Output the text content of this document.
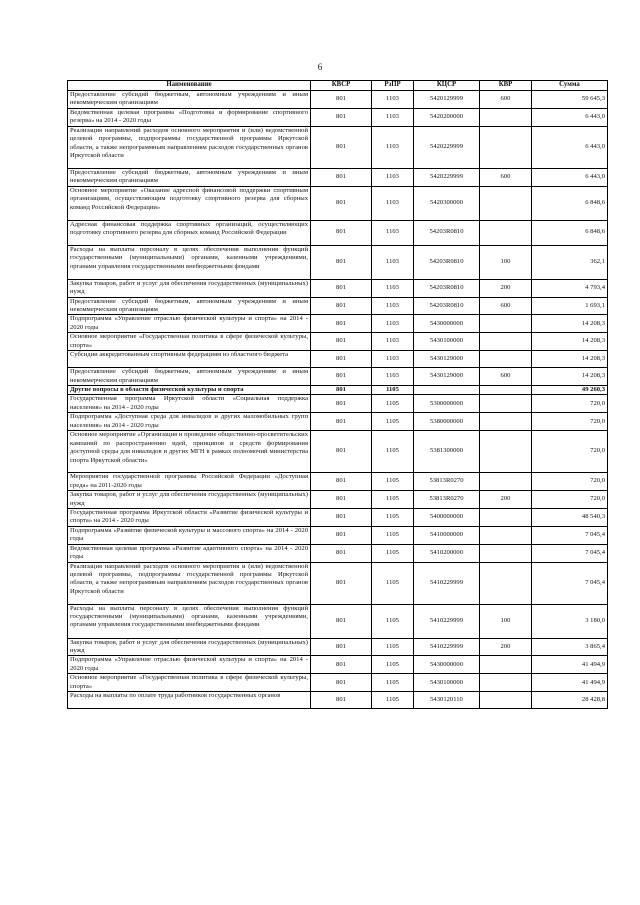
6
Наименование	КВСР	РзПР	КЦСР	КВР	Сумма
Предоставление субсидий бюджетным, автономным учреждениям и иным некоммерческим организациям	801	1103	5420129999	600	59 645,3
Ведомственная целевая программа «Подготовка и формирование спортивного резерва» на 2014 - 2020 годы	801	1103	5420200000		6 443,0
Реализация направлений расходов основного мероприятия и (или) ведомственной целевой программы, подпрограммы государственной программы Иркутской области, а также непрограммным направлениям расходов государственных органов Иркутской области	801	1103	5420229999		6 443,0
Предоставление субсидий бюджетным, автономным учреждениям и иным некоммерческим организациям	801	1103	5420229999	600	6 443,0
Основное мероприятие «Оказание адресной финансовой поддержки спортивным организациям, осуществляющим подготовку спортивного резерва для сборных команд Российской Федерации»	801	1103	5420300000		6 848,6
Адресная финансовая поддержка спортивных организаций, осуществляющих подготовку спортивного резерва для сборных команд Российской Федерации	801	1103	54203R0810		6 848,6
Расходы на выплаты персоналу в целях обеспечения выполнения функций государственными (муниципальными) органами, казенными учреждениями, органами управления государственными внебюджетными фондами	801	1103	54203R0810	100	362,1
Закупка товаров, работ и услуг для обеспечения государственных (муниципальных) нужд	801	1103	54203R0810	200	4 793,4
Предоставление субсидий бюджетным, автономным учреждениям и иным некоммерческим организациям	801	1103	54203R0810	600	1 693,1
Подпрограмма «Управление отраслью физической культуры и спорта» на 2014 - 2020 годы	801	1103	5430000000		14 208,3
Основное мероприятие «Государственная политика в сфере физической культуры, спорта»	801	1103	5430100000		14 208,3
Субсидии аккредитованным спортивным федерациям из областного бюджета	801	1103	5430129000		14 208,3
Предоставление субсидий бюджетным, автономным учреждениям и иным некоммерческим организациям	801	1103	5430129000	600	14 208,3
Другие вопросы в области физической культуры и спорта	801	1105			49 260,3
Государственная программа Иркутской области «Социальная поддержка населения» на 2014 - 2020 годы	801	1105	5300000000		720,0
Подпрограмма «Доступная среда для инвалидов и других маломобильных групп населения» на 2014 - 2020 годы	801	1105	5380000000		720,0
Основное мероприятие «Организация и проведение общественно-просветительских кампаний по распространению идей, принципов и средств формирования доступной среды для инвалидов и других МГН в рамках полномочий министерства спорта Иркутской области»	801	1105	5381300000		720,0
Мероприятия государственной программы Российской Федерации «Доступная среда» на 2011-2020 годы	801	1105	53813R0270		720,0
Закупка товаров, работ и услуг для обеспечения государственных (муниципальных) нужд	801	1105	53813R0270	200	720,0
Государственная программа Иркутской области «Развитие физической культуры и спорта» на 2014 - 2020 годы	801	1105	5400000000		48 540,3
Подпрограмма «Развитие физической культуры и массового спорта» на 2014 - 2020 годы	801	1105	5410000000		7 045,4
Ведомственная целевая программа «Развитие адаптивного спорта» на 2014 - 2020 годы	801	1105	5410200000		7 045,4
Реализация направлений расходов основного мероприятия и (или) ведомственной целевой программы, подпрограммы государственной программы Иркутской области, а также непрограммным направлениям расходов государственных органов Иркутской области	801	1105	5410229999		7 045,4
Расходы на выплаты персоналу в целях обеспечения выполнения функций государственными (муниципальными) органами, казенными учреждениями, органами управления государственными внебюджетными фондами	801	1105	5410229999	100	3 180,0
Закупка товаров, работ и услуг для обеспечения государственных (муниципальных) нужд	801	1105	5410229999	200	3 865,4
Подпрограмма «Управление отраслью физической культуры и спорта» на 2014 - 2020 годы	801	1105	5430000000		41 494,9
Основное мероприятие «Государственная политика в сфере физической культуры, спорта»	801	1105	5430100000		41 494,9
Расходы на выплаты по оплате труда работников государственных органов	801	1105	5430120110		28 428,8
